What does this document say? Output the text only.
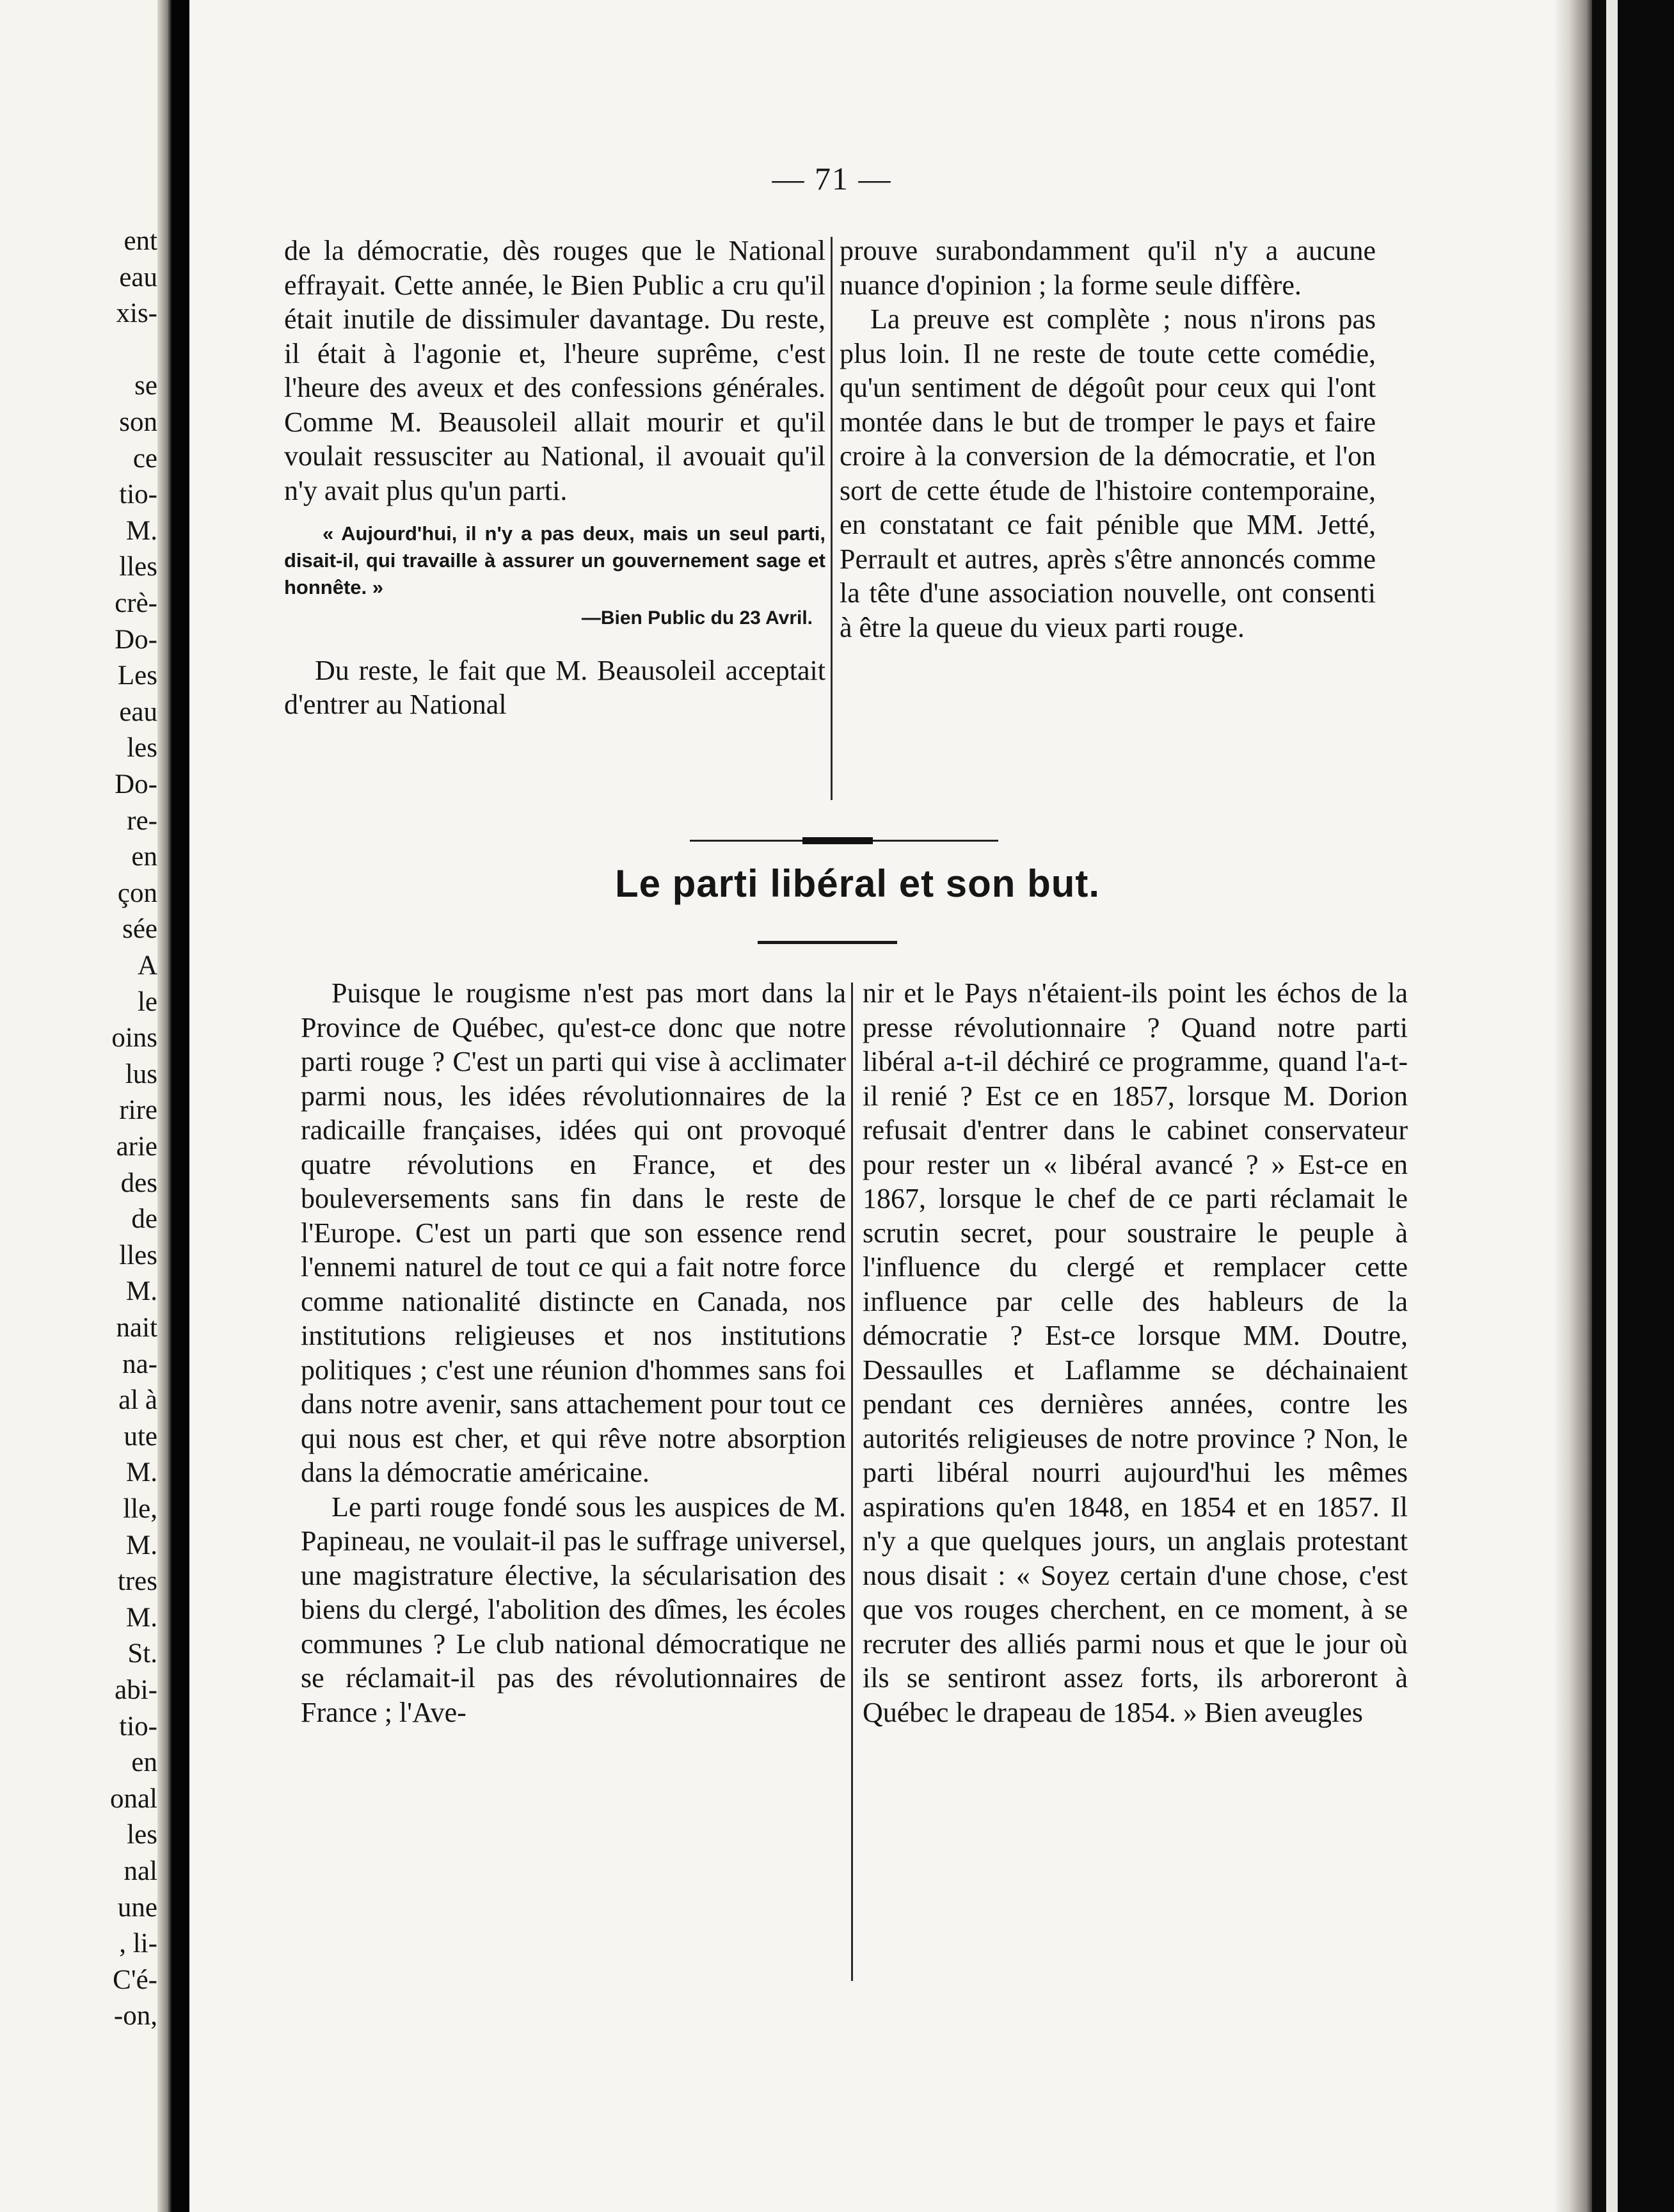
ent
eau
xis-
se
son
ce
tio-
M.
lles
crè-
Do-
Les
eau
les
Do-
re-
en
çon
sée
A
le
oins
lus
rire
arie
des
de
lles
M.
nait
na-
al à
ute
M.
lle,
M.
tres
M.
St.
abi-
tio-
en
onal
les
nal
une
, li-
C'é-
-on,
— 71 —

de la démocratie, dès rouges que le National effrayait. Cette année, le Bien Public a cru qu'il était inutile de dissimuler davantage. Du reste, il était à l'agonie et, l'heure suprême, c'est l'heure des aveux et des confessions générales. Comme M. Beausoleil allait mourir et qu'il voulait ressusciter au National, il avouait qu'il n'y avait plus qu'un parti.

« Aujourd'hui, il n'y a pas deux, mais un seul parti, disait-il, qui travaille à assurer un gouvernement sage et honnête. »

—Bien Public du 23 Avril.

Du reste, le fait que M. Beausoleil acceptait d'entrer au National

prouve surabondamment qu'il n'y a aucune nuance d'opinion ; la forme seule diffère.

La preuve est complète ; nous n'irons pas plus loin. Il ne reste de toute cette comédie, qu'un sentiment de dégoût pour ceux qui l'ont montée dans le but de tromper le pays et faire croire à la conversion de la démocratie, et l'on sort de cette étude de l'histoire contemporaine, en constatant ce fait pénible que MM. Jetté, Perrault et autres, après s'être annoncés comme la tête d'une association nouvelle, ont consenti à être la queue du vieux parti rouge.

Le parti libéral et son but.

Puisque le rougisme n'est pas mort dans la Province de Québec, qu'est-ce donc que notre parti rouge ? C'est un parti qui vise à acclimater parmi nous, les idées révolutionnaires de la radicaille françaises, idées qui ont provoqué quatre révolutions en France, et des bouleversements sans fin dans le reste de l'Europe. C'est un parti que son essence rend l'ennemi naturel de tout ce qui a fait notre force comme nationalité distincte en Canada, nos institutions religieuses et nos institutions politiques ; c'est une réunion d'hommes sans foi dans notre avenir, sans attachement pour tout ce qui nous est cher, et qui rêve notre absorption dans la démocratie américaine.

Le parti rouge fondé sous les auspices de M. Papineau, ne voulait-il pas le suffrage universel, une magistrature élective, la sécularisation des biens du clergé, l'abolition des dîmes, les écoles communes ? Le club national démocratique ne se réclamait-il pas des révolutionnaires de France ; l'Ave-

nir et le Pays n'étaient-ils point les échos de la presse révolutionnaire ? Quand notre parti libéral a-t-il déchiré ce programme, quand l'a-t-il renié ? Est ce en 1857, lorsque M. Dorion refusait d'entrer dans le cabinet conservateur pour rester un « libéral avancé ? » Est-ce en 1867, lorsque le chef de ce parti réclamait le scrutin secret, pour soustraire le peuple à l'influence du clergé et remplacer cette influence par celle des hableurs de la démocratie ? Est-ce lorsque MM. Doutre, Dessaulles et Laflamme se déchainaient pendant ces dernières années, contre les autorités religieuses de notre province ? Non, le parti libéral nourri aujourd'hui les mêmes aspirations qu'en 1848, en 1854 et en 1857. Il n'y a que quelques jours, un anglais protestant nous disait : « Soyez certain d'une chose, c'est que vos rouges cherchent, en ce moment, à se recruter des alliés parmi nous et que le jour où ils se sentiront assez forts, ils arboreront à Québec le drapeau de 1854. » Bien aveugles
